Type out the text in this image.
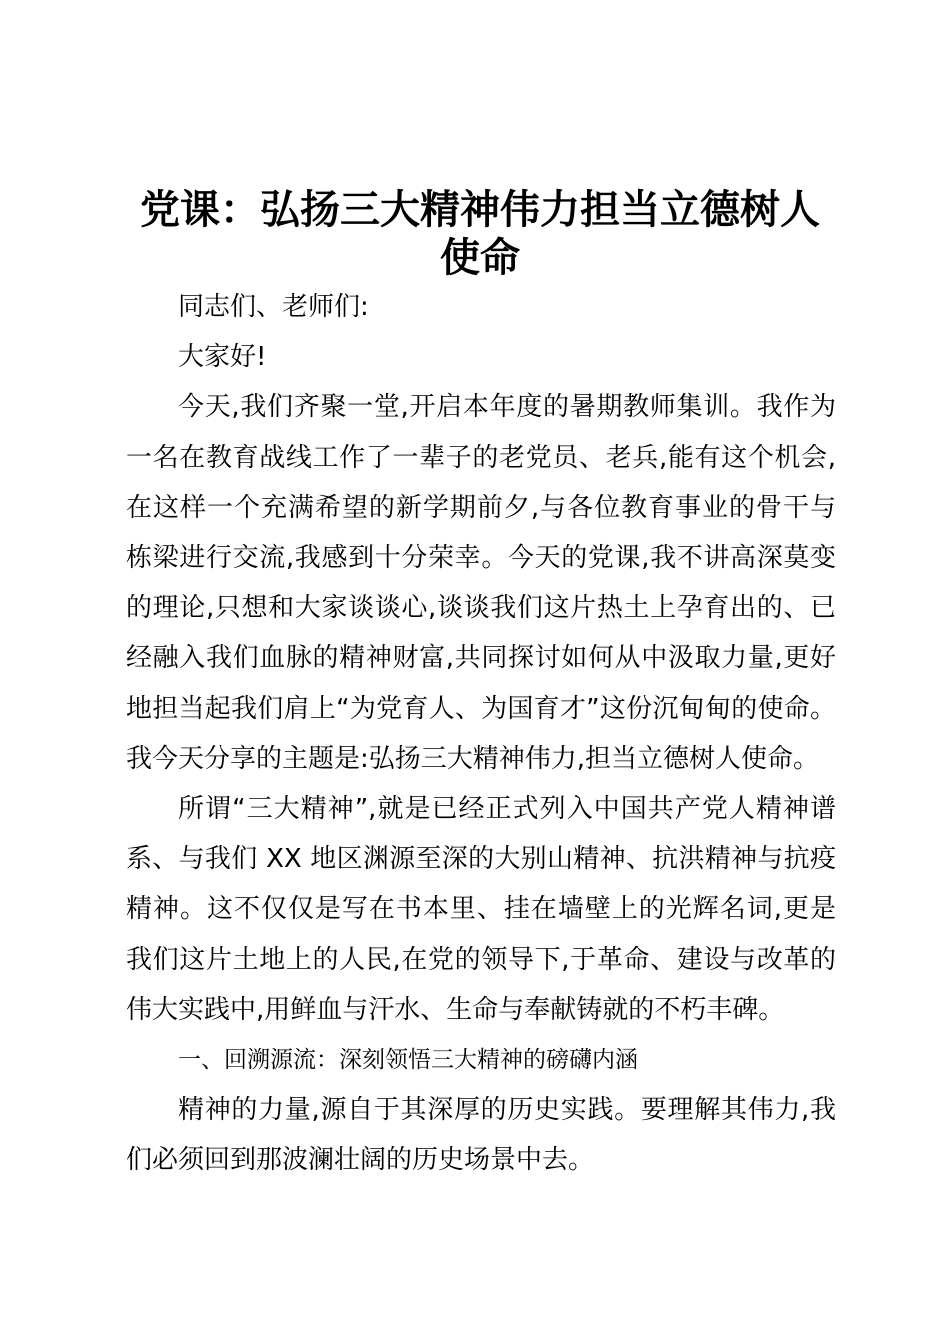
党课：弘扬三大精神伟力担当立德树人
使命

同志们、老师们:

大家好!

今天,我们齐聚一堂,开启本年度的暑期教师集训。我作为一名在教育战线工作了一辈子的老党员、老兵,能有这个机会,在这样一个充满希望的新学期前夕,与各位教育事业的骨干与栋梁进行交流,我感到十分荣幸。今天的党课,我不讲高深莫变的理论,只想和大家谈谈心,谈谈我们这片热土上孕育出的、已经融入我们血脉的精神财富,共同探讨如何从中汲取力量,更好地担当起我们肩上“为党育人、为国育才”这份沉甸甸的使命。我今天分享的主题是:弘扬三大精神伟力,担当立德树人使命。

所谓“三大精神”,就是已经正式列入中国共产党人精神谱系、与我们 XX 地区渊源至深的大别山精神、抗洪精神与抗疫精神。这不仅仅是写在书本里、挂在墙壁上的光辉名词,更是我们这片土地上的人民,在党的领导下,于革命、建设与改革的伟大实践中,用鲜血与汗水、生命与奉献铸就的不朽丰碑。

一、回溯源流：深刻领悟三大精神的磅礴内涵

精神的力量,源自于其深厚的历史实践。要理解其伟力,我们必须回到那波澜壮阔的历史场景中去。
